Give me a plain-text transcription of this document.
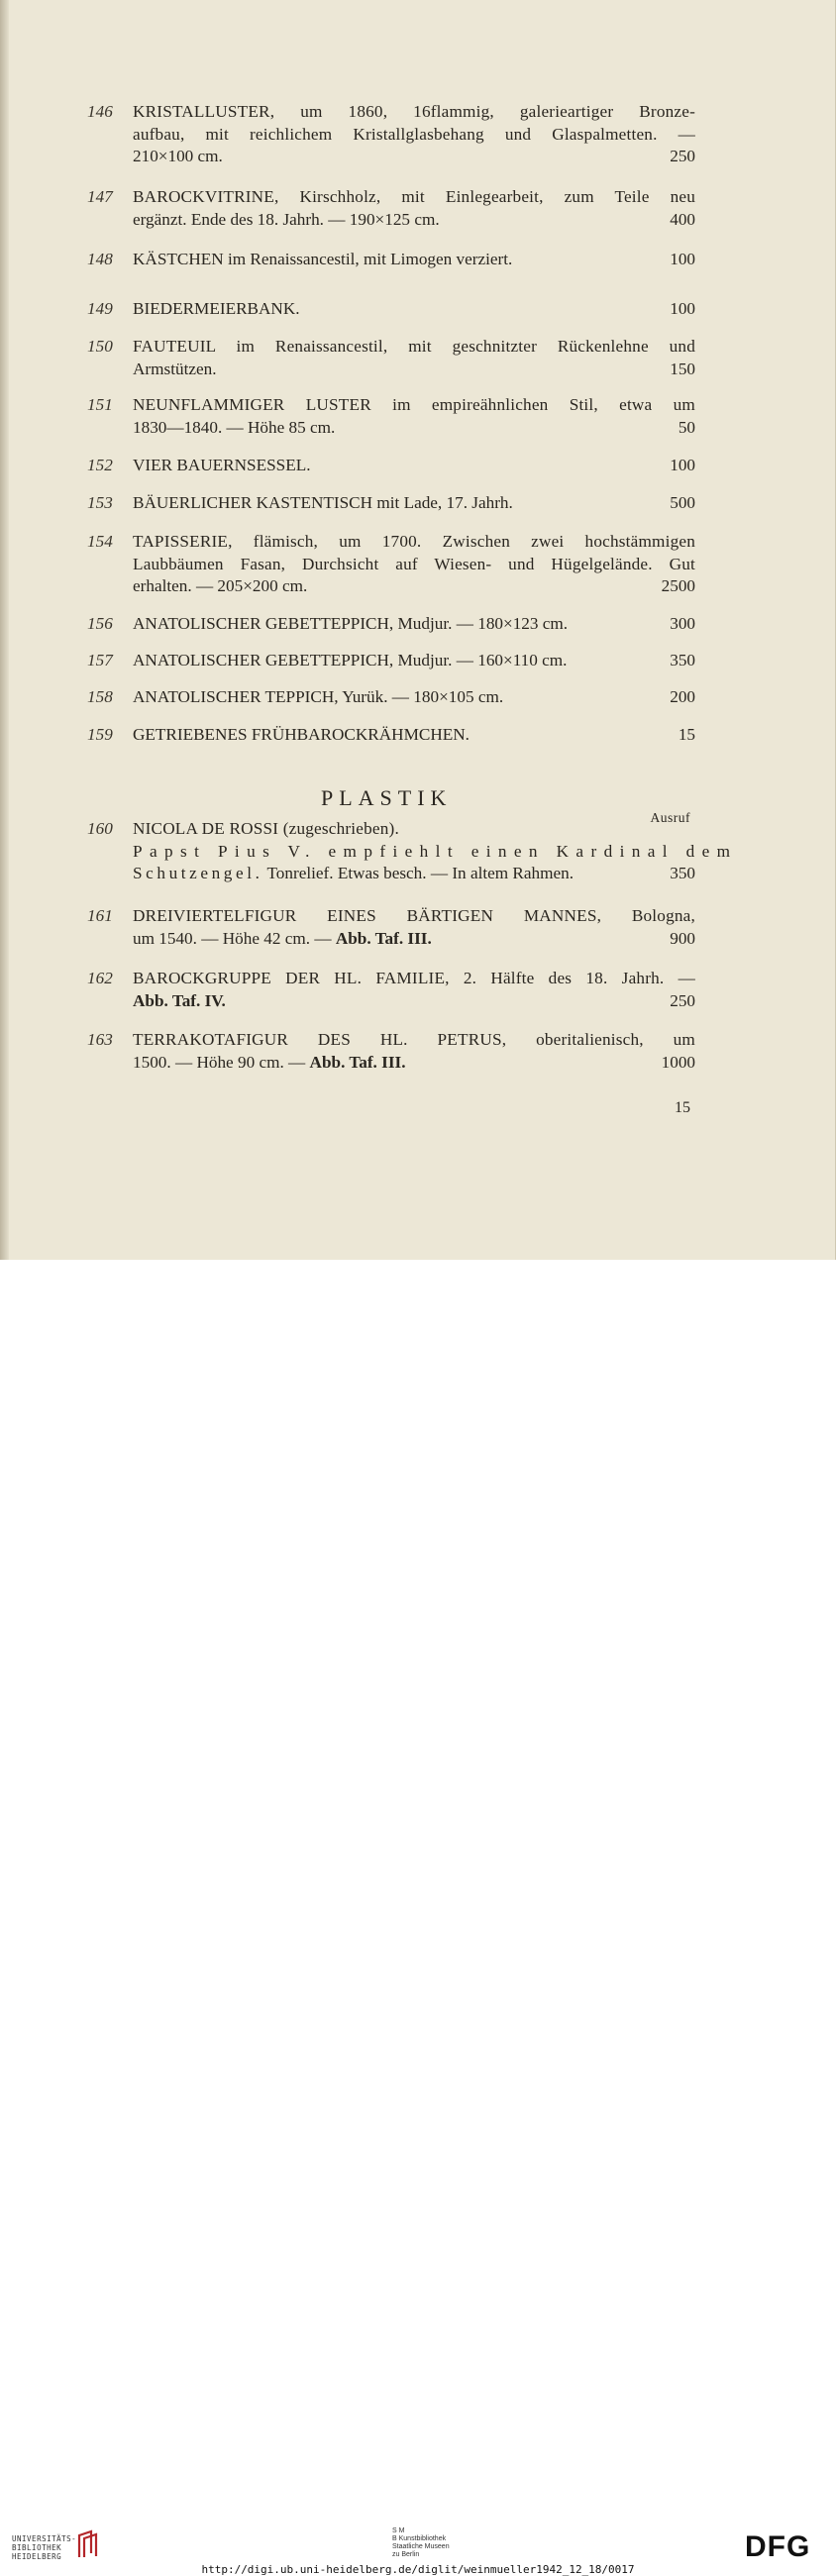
146	KRISTALLUSTER, um 1860, 16flammig, galerieartiger Bronze-
aufbau, mit reichlichem Kristallglasbehang und Glaspalmetten. —
210×100 cm.	250
147	BAROCKVITRINE, Kirschholz, mit Einlegearbeit, zum Teile neu
ergänzt. Ende des 18. Jahrh. — 190×125 cm.	400
148	KÄSTCHEN im Renaissancestil, mit Limogen verziert.	100
149	BIEDERMEIERBANK.	100
150	FAUTEUIL im Renaissancestil, mit geschnitzter Rückenlehne und
Armstützen.	150
151	NEUNFLAMMIGER LUSTER im empireähnlichen Stil, etwa um
1830—1840. — Höhe 85 cm.	50
152	VIER BAUERNSESSEL.	100
153	BÄUERLICHER KASTENTISCH mit Lade, 17. Jahrh.	500
154	TAPISSERIE, flämisch, um 1700. Zwischen zwei hochstämmigen
Laubbäumen Fasan, Durchsicht auf Wiesen- und Hügelgelände. Gut
erhalten. — 205×200 cm.	2500
156	ANATOLISCHER GEBETTEPPICH, Mudjur. — 180×123 cm.	300
157	ANATOLISCHER GEBETTEPPICH, Mudjur. — 160×110 cm.	350
158	ANATOLISCHER TEPPICH, Yurük. — 180×105 cm.	200
159	GETRIEBENES FRÜHBAROCKRÄHMCHEN.	15
PLASTIK
Ausruf
160	NICOLA DE ROSSI (zugeschrieben).
Papst Pius V. empfiehlt einen Kardinal dem
Schutzengel. Tonrelief. Etwas besch. — In altem Rahmen.	350
161	DREIVIERTELFIGUR EINES BÄRTIGEN MANNES, Bologna,
um 1540. — Höhe 42 cm. — Abb. Taf. III.	900
162	BAROCKGRUPPE DER HL. FAMILIE, 2. Hälfte des 18. Jahrh. —
Abb. Taf. IV.	250
163	TERRAKOTAFIGUR DES HL. PETRUS, oberitalienisch, um
1500. — Höhe 90 cm. — Abb. Taf. III.	1000
15
UNIVERSITÄTS-
BIBLIOTHEK
HEIDELBERG
S M
B Kunstbibliothek
Staatliche Museen
zu Berlin	DFG
http://digi.ub.uni-heidelberg.de/diglit/weinmueller1942_12_18/0017
